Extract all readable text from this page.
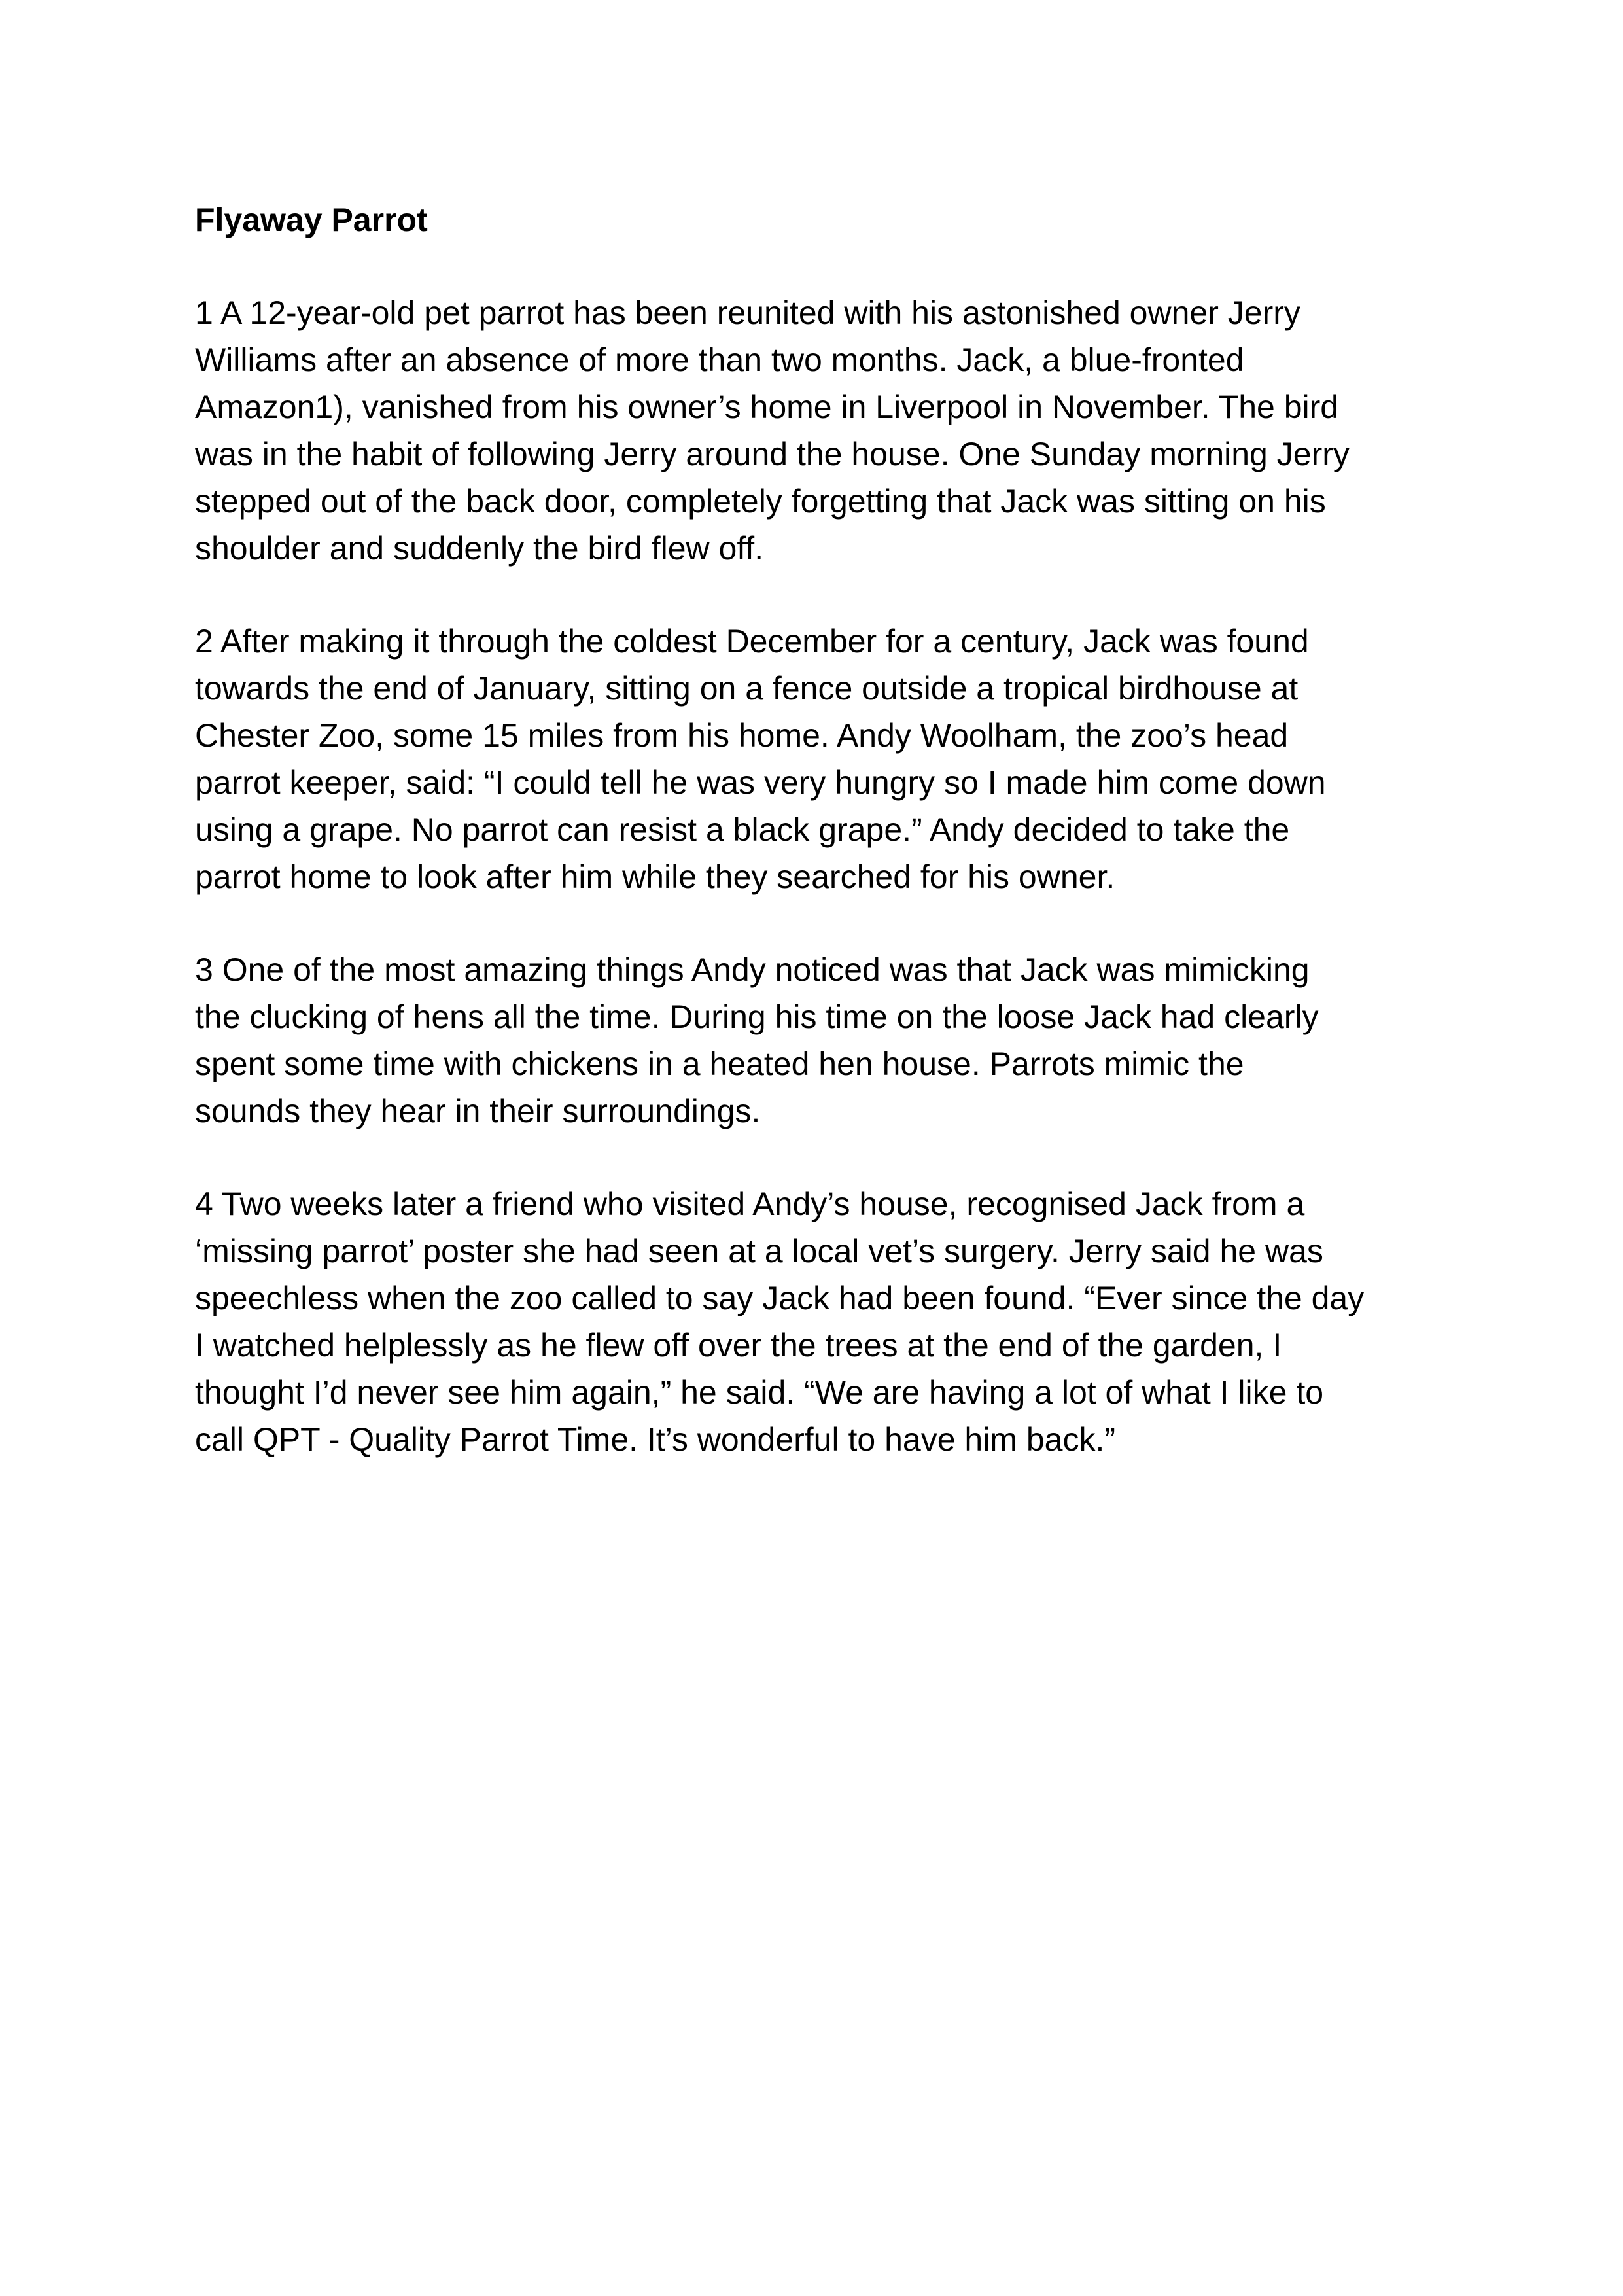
Flyaway Parrot

1 A 12-year-old pet parrot has been reunited with his astonished owner Jerry
Williams after an absence of more than two months. Jack, a blue-fronted
Amazon1), vanished from his owner’s home in Liverpool in November. The bird
was in the habit of following Jerry around the house. One Sunday morning Jerry
stepped out of the back door, completely forgetting that Jack was sitting on his
shoulder and suddenly the bird flew off.

2 After making it through the coldest December for a century, Jack was found
towards the end of January, sitting on a fence outside a tropical birdhouse at
Chester Zoo, some 15 miles from his home. Andy Woolham, the zoo’s head
parrot keeper, said: “I could tell he was very hungry so I made him come down
using a grape. No parrot can resist a black grape.” Andy decided to take the
parrot home to look after him while they searched for his owner.

3 One of the most amazing things Andy noticed was that Jack was mimicking
the clucking of hens all the time. During his time on the loose Jack had clearly
spent some time with chickens in a heated hen house. Parrots mimic the
sounds they hear in their surroundings.

4 Two weeks later a friend who visited Andy’s house, recognised Jack from a
‘missing parrot’ poster she had seen at a local vet’s surgery. Jerry said he was
speechless when the zoo called to say Jack had been found. “Ever since the day
I watched helplessly as he flew off over the trees at the end of the garden, I
thought I’d never see him again,” he said. “We are having a lot of what I like to
call QPT - Quality Parrot Time. It’s wonderful to have him back.”
